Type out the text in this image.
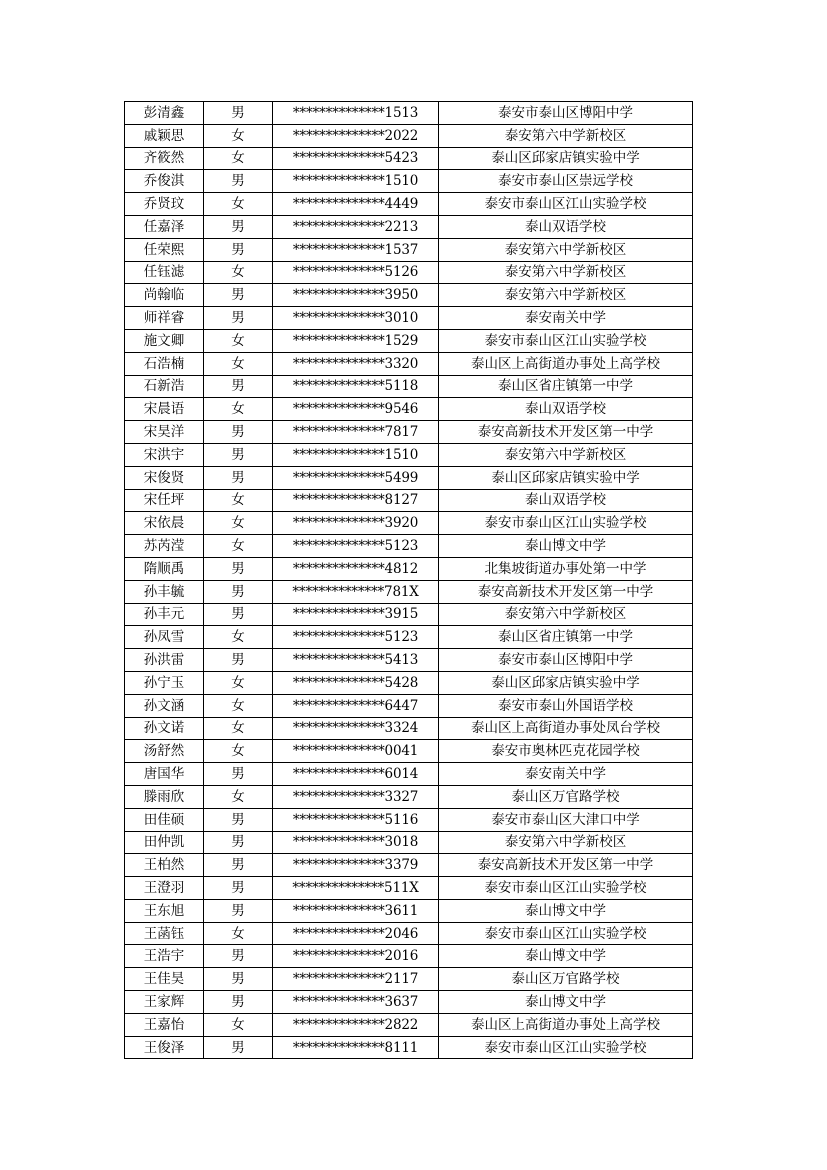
彭清鑫	男	**************1513	泰安市泰山区博阳中学
戚颖思	女	**************2022	泰安第六中学新校区
齐筱然	女	**************5423	泰山区邱家店镇实验中学
乔俊淇	男	**************1510	泰安市泰山区崇远学校
乔贤玟	女	**************4449	泰安市泰山区江山实验学校
任嘉泽	男	**************2213	泰山双语学校
任荣熙	男	**************1537	泰安第六中学新校区
任钰滤	女	**************5126	泰安第六中学新校区
尚翰临	男	**************3950	泰安第六中学新校区
师祥睿	男	**************3010	泰安南关中学
施文卿	女	**************1529	泰安市泰山区江山实验学校
石浩楠	女	**************3320	泰山区上高街道办事处上高学校
石新浩	男	**************5118	泰山区省庄镇第一中学
宋晨语	女	**************9546	泰山双语学校
宋昊洋	男	**************7817	泰安高新技术开发区第一中学
宋洪宇	男	**************1510	泰安第六中学新校区
宋俊贤	男	**************5499	泰山区邱家店镇实验中学
宋任坪	女	**************8127	泰山双语学校
宋依晨	女	**************3920	泰安市泰山区江山实验学校
苏芮滢	女	**************5123	泰山博文中学
隋顺禹	男	**************4812	北集坡街道办事处第一中学
孙丰毓	男	**************781X	泰安高新技术开发区第一中学
孙丰元	男	**************3915	泰安第六中学新校区
孙凤雪	女	**************5123	泰山区省庄镇第一中学
孙洪雷	男	**************5413	泰安市泰山区博阳中学
孙宁玉	女	**************5428	泰山区邱家店镇实验中学
孙文涵	女	**************6447	泰安市泰山外国语学校
孙文诺	女	**************3324	泰山区上高街道办事处凤台学校
汤舒然	女	**************0041	泰安市奥林匹克花园学校
唐国华	男	**************6014	泰安南关中学
滕雨欣	女	**************3327	泰山区万官路学校
田佳硕	男	**************5116	泰安市泰山区大津口中学
田仲凯	男	**************3018	泰安第六中学新校区
王柏然	男	**************3379	泰安高新技术开发区第一中学
王澄羽	男	**************511X	泰安市泰山区江山实验学校
王东旭	男	**************3611	泰山博文中学
王菡钰	女	**************2046	泰安市泰山区江山实验学校
王浩宇	男	**************2016	泰山博文中学
王佳昊	男	**************2117	泰山区万官路学校
王家辉	男	**************3637	泰山博文中学
王嘉怡	女	**************2822	泰山区上高街道办事处上高学校
王俊泽	男	**************8111	泰安市泰山区江山实验学校
